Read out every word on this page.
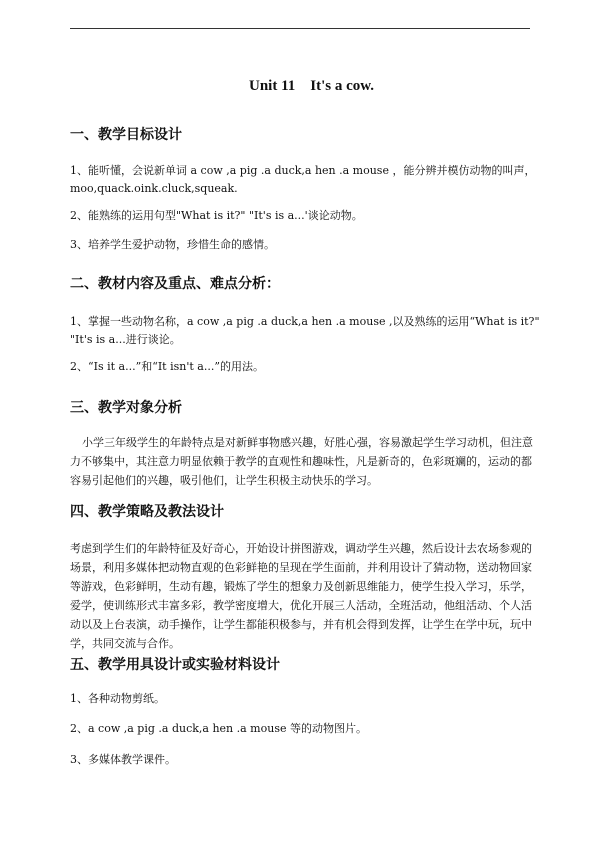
Unit 11    It's a cow.
一、教学目标设计
1、能听懂，会说新单词 a cow ,a pig .a duck,a hen .a mouse ，能分辨并模仿动物的叫声，
moo,quack.oink.cluck,squeak.
2、能熟练的运用句型"What is it?" "It's is a...'谈论动物。
3、培养学生爱护动物，珍惜生命的感情。
二、教材内容及重点、难点分析：
1、掌握一些动物名称，a cow ,a pig .a duck,a hen .a mouse ,以及熟练的运用“What is it?"
"It's is a...进行谈论。
2、“Is it a...”和“It isn't a...”的用法。
三、教学对象分析
小学三年级学生的年龄特点是对新鲜事物感兴趣，好胜心强，容易激起学生学习动机，但注意力不够集中，其注意力明显依赖于教学的直观性和趣味性，凡是新奇的，色彩斑斓的，运动的都容易引起他们的兴趣，吸引他们，让学生积极主动快乐的学习。
四、教学策略及教法设计
考虑到学生们的年龄特征及好奇心，开始设计拼图游戏，调动学生兴趣，然后设计去农场参观的场景，利用多媒体把动物直观的色彩鲜艳的呈现在学生面前，并利用设计了猜动物，送动物回家等游戏，色彩鲜明，生动有趣，锻炼了学生的想象力及创新思维能力，使学生投入学习，乐学，爱学，使训练形式丰富多彩，教学密度增大，优化开展三人活动，全班活动，他组活动、个人活动以及上台表演，动手操作，让学生都能积极参与，并有机会得到发挥，让学生在学中玩，玩中学，共同交流与合作。
五、教学用具设计或实验材料设计
1、各种动物剪纸。
2、a cow ,a pig .a duck,a hen .a mouse 等的动物图片。
3、多媒体教学课件。
